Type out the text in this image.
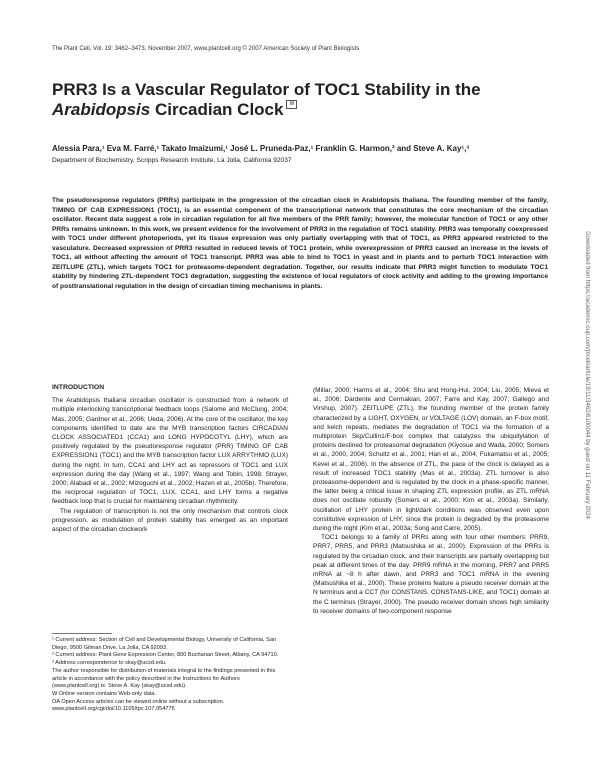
The Plant Cell, Vol. 19: 3462–3473, November 2007, www.plantcell.org © 2007 American Society of Plant Biologists
PRR3 Is a Vascular Regulator of TOC1 Stability in the
Arabidopsis Circadian Clock W
Alessia Para,¹ Eva M. Farré,¹ Takato Imaizumi,¹ José L. Pruneda-Paz,¹ Franklin G. Harmon,² and Steve A. Kay¹,³
Department of Biochemistry, Scripps Research Institute, La Jolla, California 92037
The pseudoresponse regulators (PRRs) participate in the progression of the circadian clock in Arabidopsis thaliana. The founding member of the family, TIMING OF CAB EXPRESSION1 (TOC1), is an essential component of the transcriptional network that constitutes the core mechanism of the circadian oscillator. Recent data suggest a role in circadian regulation for all five members of the PRR family; however, the molecular function of TOC1 or any other PRRs remains unknown. In this work, we present evidence for the involvement of PRR3 in the regulation of TOC1 stability. PRR3 was temporally coexpressed with TOC1 under different photoperiods, yet its tissue expression was only partially overlapping with that of TOC1, as PRR3 appeared restricted to the vasculature. Decreased expression of PRR3 resulted in reduced levels of TOC1 protein, while overexpression of PRR3 caused an increase in the levels of TOC1, all without affecting the amount of TOC1 transcript. PRR3 was able to bind to TOC1 in yeast and in plants and to perturb TOC1 interaction with ZEITLUPE (ZTL), which targets TOC1 for proteasome-dependent degradation. Together, our results indicate that PRR3 might function to modulate TOC1 stability by hindering ZTL-dependent TOC1 degradation, suggesting the existence of local regulators of clock activity and adding to the growing importance of posttranslational regulation in the design of circadian timing mechanisms in plants.
INTRODUCTION

The Arabidopsis thaliana circadian oscillator is constructed from a network of multiple interlocking transcriptional feedback loops (Salome and McClung, 2004; Mas, 2005; Gardner et al., 2006; Ueda, 2006). At the core of the oscillator, the key components identified to date are the MYB transcription factors CIRCADIAN CLOCK ASSOCIATED1 (CCA1) and LONG HYPOCOTYL (LHY), which are positively regulated by the pseudoresponse regulator (PRR) TIMING OF CAB EXPRESSION1 (TOC1) and the MYB transcription factor LUX ARRYTHMO (LUX) during the night. In turn, CCA1 and LHY act as repressors of TOC1 and LUX expression during the day (Wang et al., 1997; Wang and Tobin, 1998; Strayer, 2000; Alabadi et al., 2002; Mizoguchi et al., 2002; Hazen et al., 2005b). Therefore, the reciprocal regulation of TOC1, LUX, CCA1, and LHY forms a negative feedback loop that is crucial for maintaining circadian rhythmicity.

The regulation of transcription is not the only mechanism that controls clock progression, as modulation of protein stability has emerged as an important aspect of the circadian clockwork

¹ Current address: Section of Cell and Developmental Biology, University of California, San Diego, 9500 Gilman Drive, La Jolla, CA 92093.
² Current address: Plant Gene Expression Center, 800 Buchanan Street, Albany, CA 94710.
³ Address correspondence to skay@ucsd.edu.
The author responsible for distribution of materials integral to the findings presented in this article in accordance with the policy described in the Instructions for Authors (www.plantcell.org) is: Steve A. Kay (skay@ucsd.edu).
W Online version contains Web-only data.
OA Open Access articles can be viewed online without a subscription.
www.plantcell.org/cgi/doi/10.1105/tpc.107.054775

(Millar, 2000; Harms et al., 2004; Shu and Hong-Hui, 2004; Liu, 2005; Mieva et al., 2006; Dardente and Cermakian, 2007; Farre and Kay, 2007; Gallego and Virshup, 2007). ZEITLUPE (ZTL), the founding member of the protein family characterized by a LIGHT, OXYGEN, or VOLTAGE (LOV) domain, an F-box motif, and kelch repeats, mediates the degradation of TOC1 via the formation of a multiprotein Skp/Cullin1/F-box complex that catalyzes the ubiquitylation of proteins destined for proteasomal degradation (Kiyosue and Wada, 2000; Somers et al., 2000, 2004; Schultz et al., 2001; Han et al., 2004; Fukamatsu et al., 2005; Kevei et al., 2006). In the absence of ZTL, the pace of the clock is delayed as a result of increased TOC1 stability (Mas et al., 2003a). ZTL turnover is also proteasome-dependent and is regulated by the clock in a phase-specific manner, the latter being a critical issue in shaping ZTL expression profile, as ZTL mRNA does not oscillate robustly (Somers et al., 2000; Kim et al., 2003a). Similarly, oscillation of LHY protein in light/dark conditions was observed even upon constitutive expression of LHY, since the protein is degraded by the proteasome during the night (Kim et al., 2003a; Song and Carre, 2005).

TOC1 belongs to a family of PRRs along with four other members: PRR9, PRR7, PRR5, and PRR3 (Matsushika et al., 2000). Expression of the PRRs is regulated by the circadian clock, and their transcripts are partially overlapping but peak at different times of the day: PRR9 mRNA in the morning, PRR7 and PRR5 mRNA at ~8 h after dawn, and PRR3 and TOC1 mRNA in the evening (Matsushika et al., 2000). These proteins feature a pseudo receiver domain at the N terminus and a CCT (for CONSTANS, CONSTANS-LIKE, and TOC1) domain at the C terminus (Strayer, 2000). The pseudo receiver domain shows high similarity to receiver domains of two-component response

Downloaded from https://academic.oup.com/plcell/article/19/11/3462/6100044 by guest on 11 February 2024
